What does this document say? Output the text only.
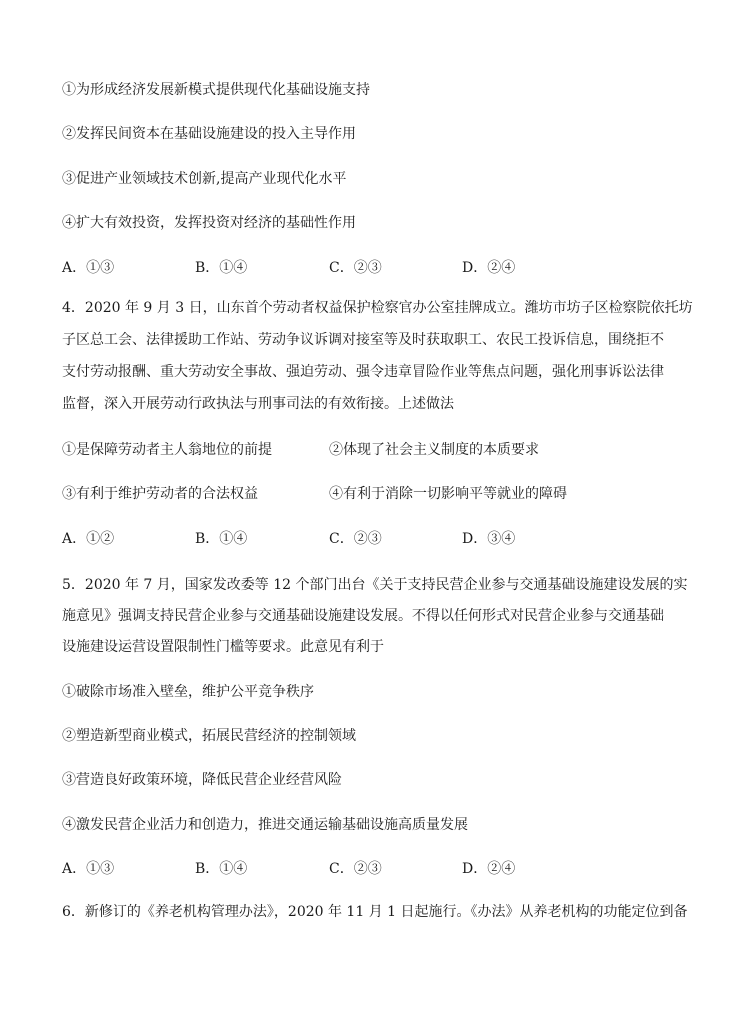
①为形成经济发展新模式提供现代化基础设施支持
②发挥民间资本在基础设施建设的投入主导作用
③促进产业领域技术创新,提高产业现代化水平
④扩大有效投资，发挥投资对经济的基础性作用
A．①③	B．①④	C．②③	D．②④
4．2020 年 9 月 3 日，山东首个劳动者权益保护检察官办公室挂牌成立。潍坊市坊子区检察院依托坊
子区总工会、法律援助工作站、劳动争议诉调对接室等及时获取职工、农民工投诉信息，围绕拒不
支付劳动报酬、重大劳动安全事故、强迫劳动、强令违章冒险作业等焦点问题，强化刑事诉讼法律
监督，深入开展劳动行政执法与刑事司法的有效衔接。上述做法
①是保障劳动者主人翁地位的前提	②体现了社会主义制度的本质要求
③有利于维护劳动者的合法权益	④有利于消除一切影响平等就业的障碍
A．①②	B．①④	C．②③	D．③④
5．2020 年 7 月，国家发改委等 12 个部门出台《关于支持民营企业参与交通基础设施建设发展的实
施意见》强调支持民营企业参与交通基础设施建设发展。不得以任何形式对民营企业参与交通基础
设施建设运营设置限制性门槛等要求。此意见有利于
①破除市场准入壁垒，维护公平竞争秩序
②塑造新型商业模式，拓展民营经济的控制领域
③营造良好政策环境，降低民营企业经营风险
④激发民营企业活力和创造力，推进交通运输基础设施高质量发展
A．①③	B．①④	C．②③	D．②④
6．新修订的《养老机构管理办法》，2020 年 11 月 1 日起施行。《办法》从养老机构的功能定位到备
